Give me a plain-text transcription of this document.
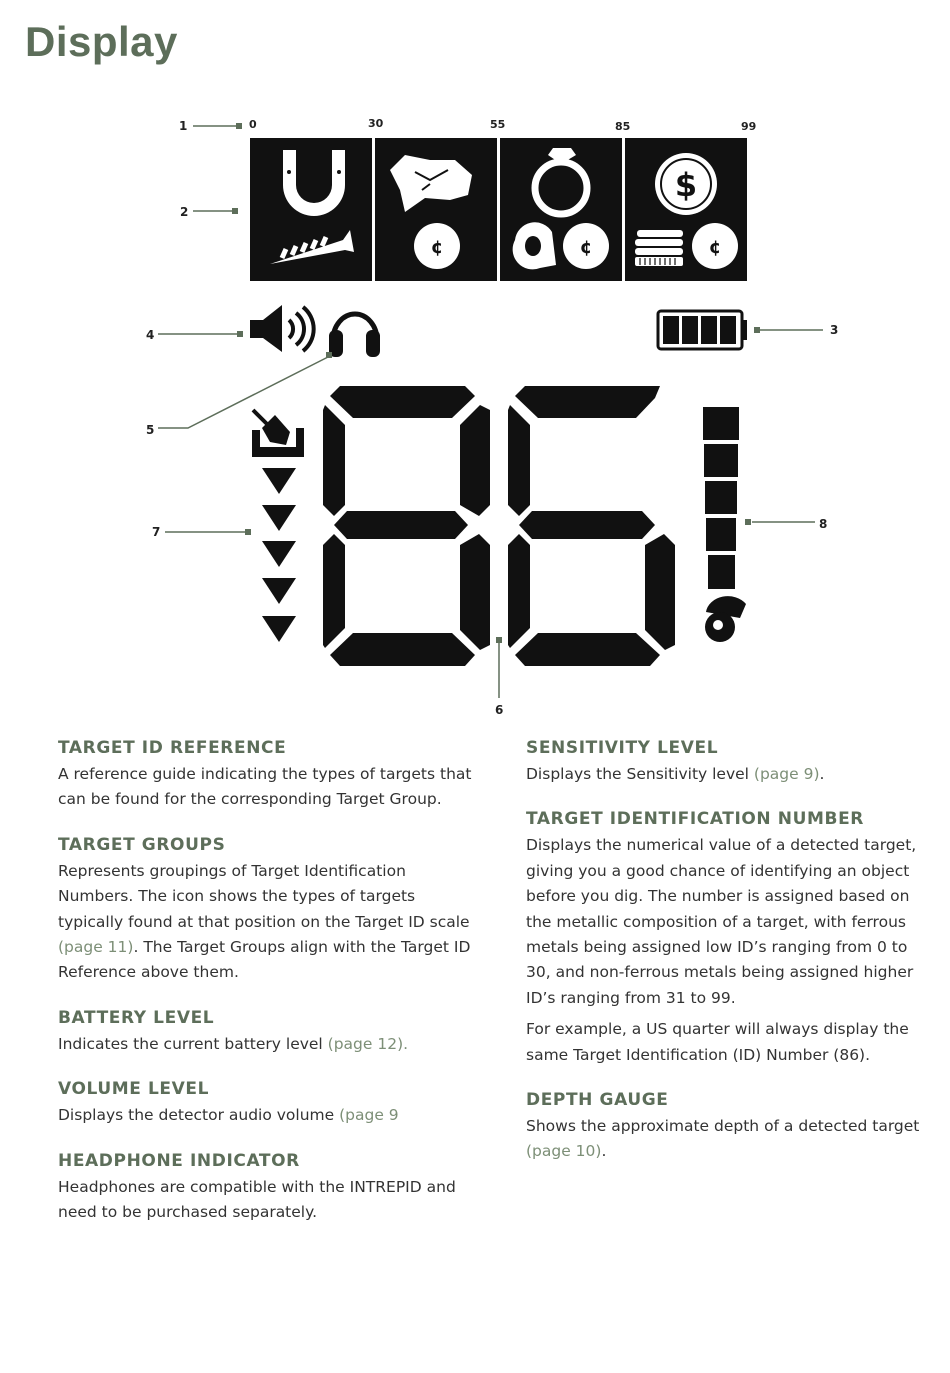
Display
0	30	55	85	99
¢	¢
$
¢
1
2
3
4
5
6
7
8
TARGET ID REFERENCE

A reference guide indicating the types of targets that can be found for the corresponding Target Group.

TARGET GROUPS

Represents groupings of Target Identification Numbers. The icon shows the types of targets typically found at that position on the Target ID scale (page 11). The Target Groups align with the Target ID Reference above them.

BATTERY LEVEL

Indicates the current battery level (page 12).

VOLUME LEVEL

Displays the detector audio volume (page 9

HEADPHONE INDICATOR

Headphones are compatible with the INTREPID and need to be purchased separately.

SENSITIVITY LEVEL

Displays the Sensitivity level (page 9).

TARGET IDENTIFICATION NUMBER

Displays the numerical value of a detected target, giving you a good chance of identifying an object before you dig. The number is assigned based on the metallic composition of a target, with ferrous metals being assigned low ID’s ranging from 0 to 30, and non-ferrous metals being assigned higher ID’s ranging from 31 to 99.

For example, a US quarter will always display the same Target Identification (ID) Number (86).

DEPTH GAUGE

Shows the approximate depth of a detected target (page 10).
